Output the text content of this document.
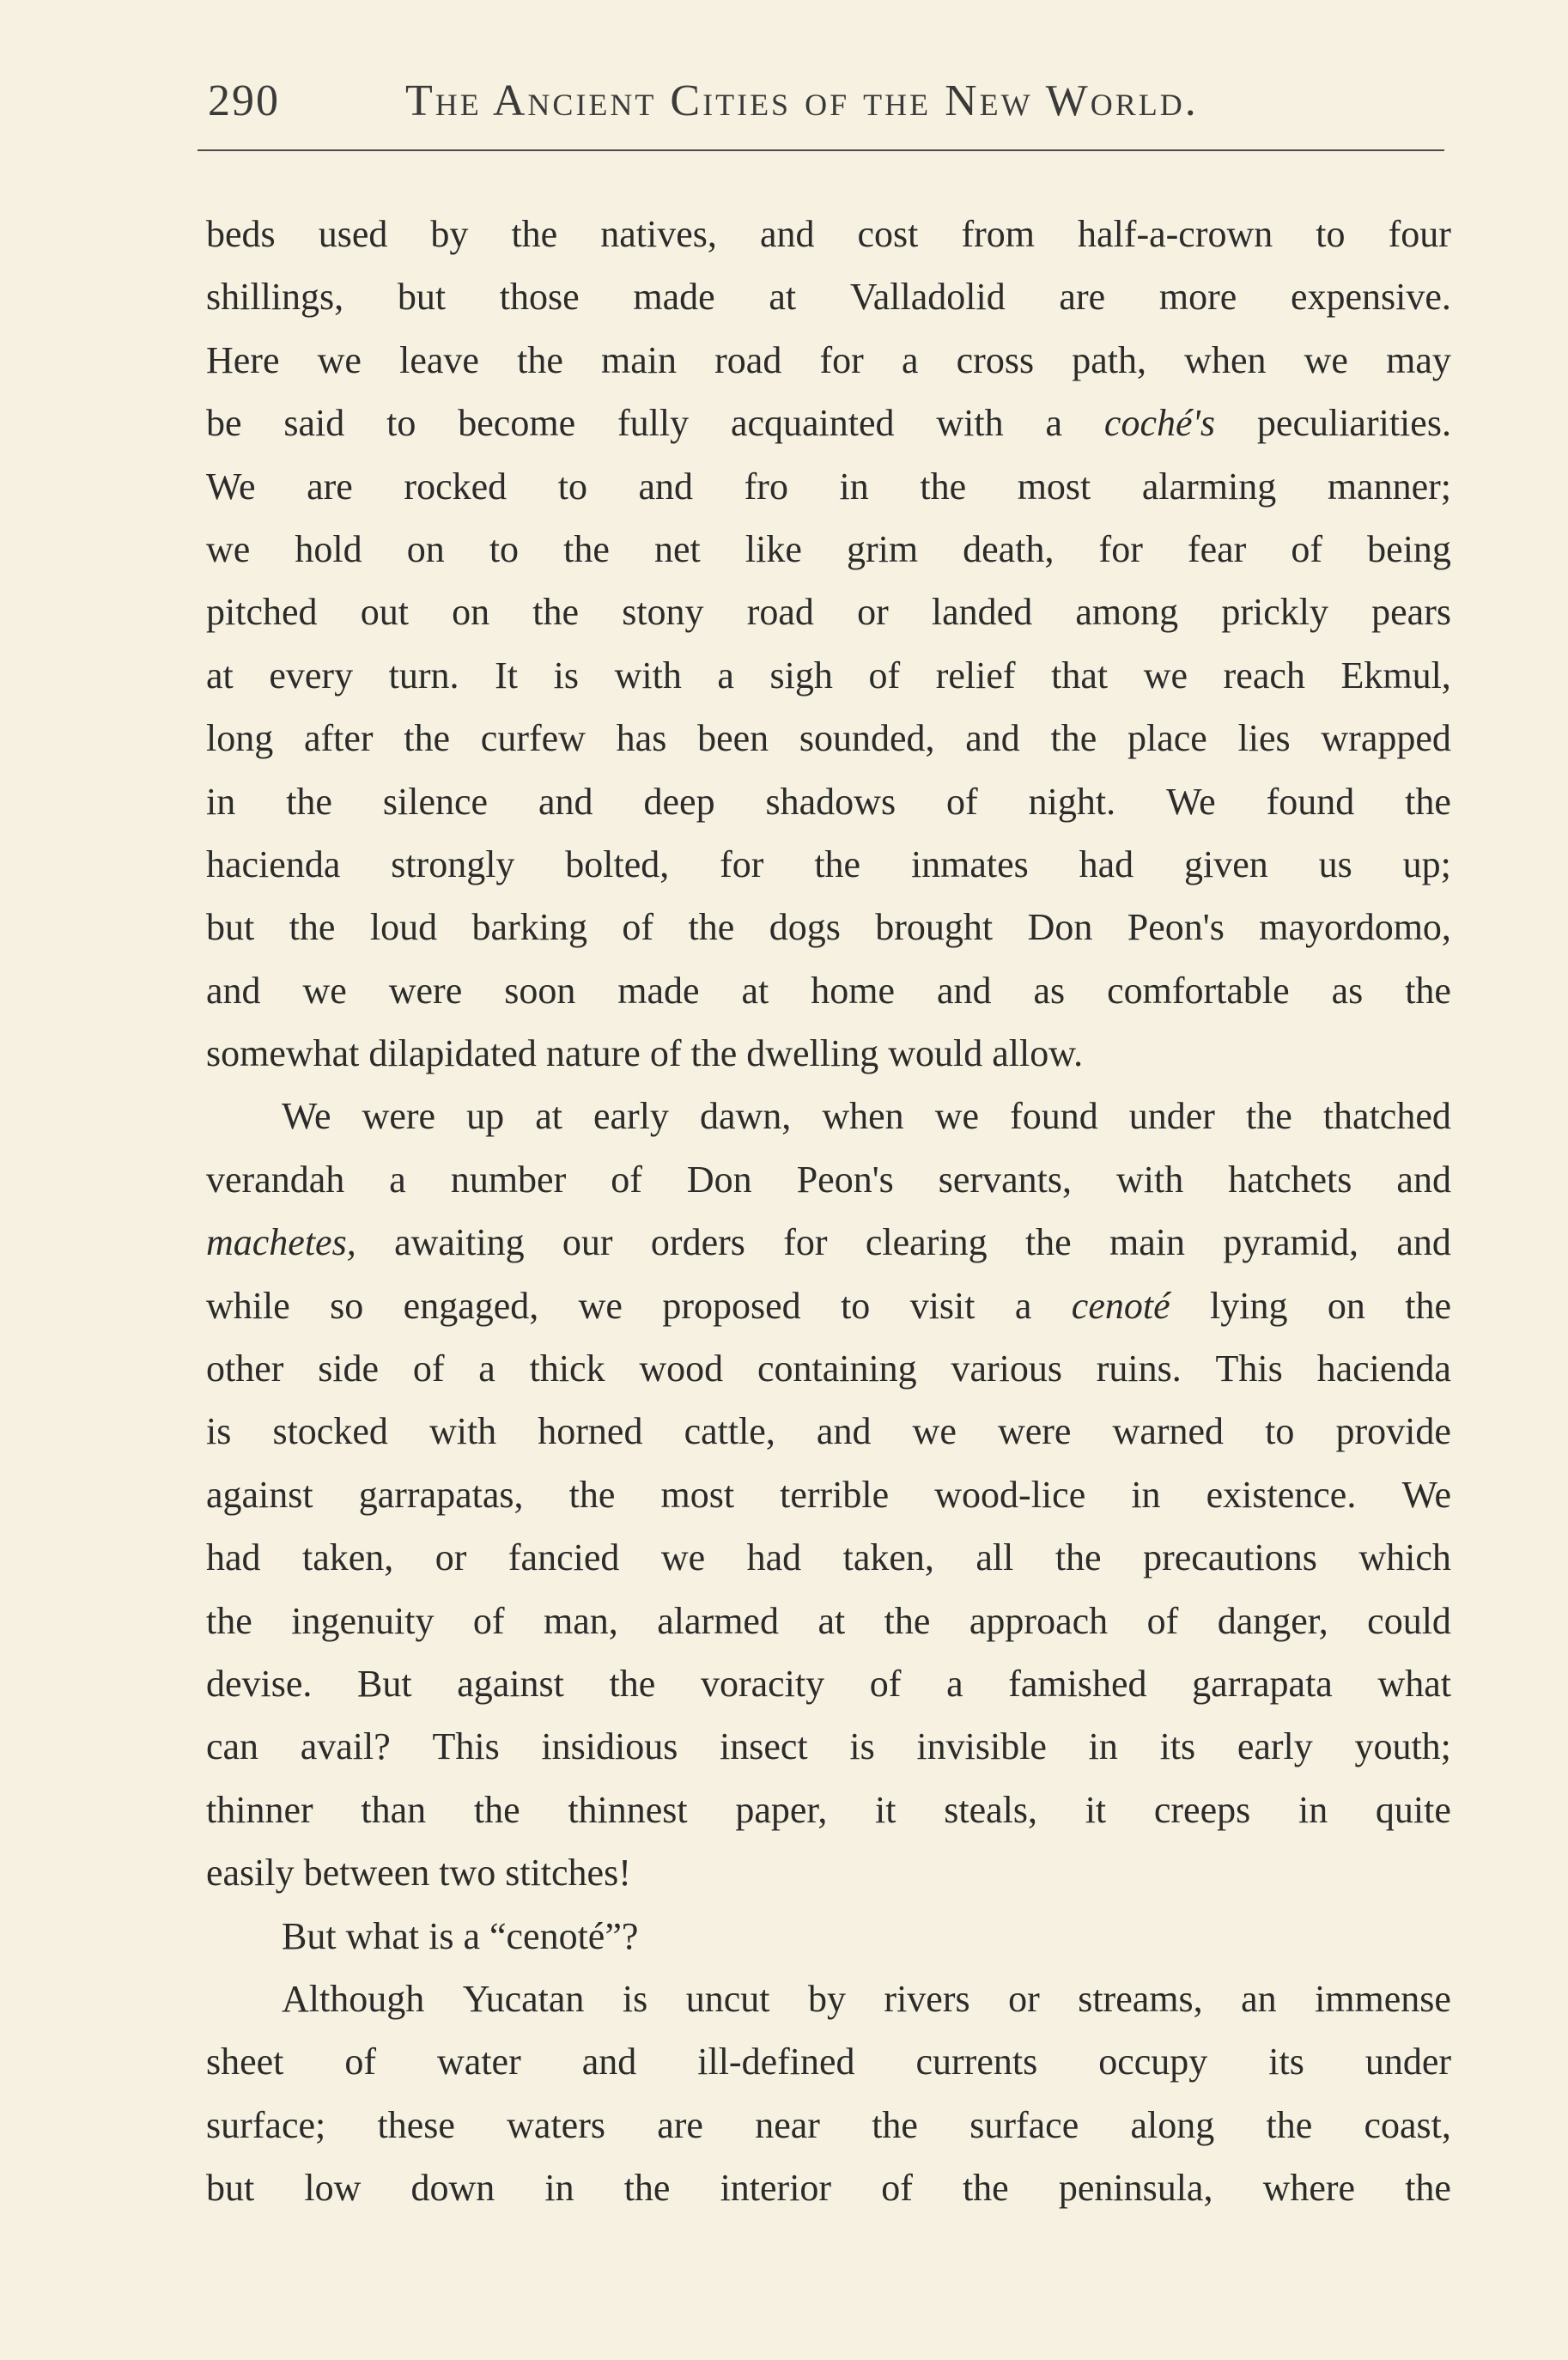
290	The Ancient Cities of the New World.
beds used by the natives, and cost from half-a-crown to four
shillings, but those made at Valladolid are more expensive.
Here we leave the main road for a cross path, when we may
be said to become fully acquainted with a coché's peculiarities.
We are rocked to and fro in the most alarming manner;
we hold on to the net like grim death, for fear of being
pitched out on the stony road or landed among prickly pears
at every turn. It is with a sigh of relief that we reach Ekmul,
long after the curfew has been sounded, and the place lies wrapped
in the silence and deep shadows of night. We found the
hacienda strongly bolted, for the inmates had given us up;
but the loud barking of the dogs brought Don Peon's mayordomo,
and we were soon made at home and as comfortable as the
somewhat dilapidated nature of the dwelling would allow.
We were up at early dawn, when we found under the thatched
verandah a number of Don Peon's servants, with hatchets and
machetes, awaiting our orders for clearing the main pyramid, and
while so engaged, we proposed to visit a cenoté lying on the
other side of a thick wood containing various ruins. This hacienda
is stocked with horned cattle, and we were warned to provide
against garrapatas, the most terrible wood-lice in existence. We
had taken, or fancied we had taken, all the precautions which
the ingenuity of man, alarmed at the approach of danger, could
devise. But against the voracity of a famished garrapata what
can avail? This insidious insect is invisible in its early youth;
thinner than the thinnest paper, it steals, it creeps in quite
easily between two stitches!
But what is a “cenoté”?
Although Yucatan is uncut by rivers or streams, an immense
sheet of water and ill-defined currents occupy its under
surface; these waters are near the surface along the coast,
but low down in the interior of the peninsula, where the
